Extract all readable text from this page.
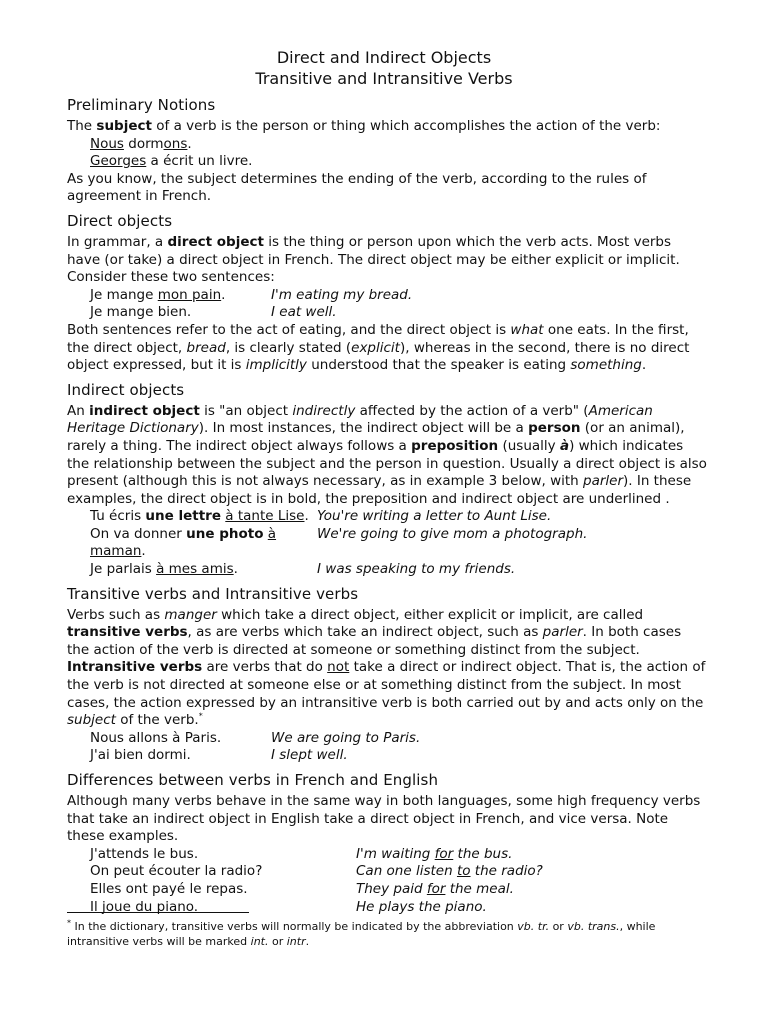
Direct and Indirect Objects
Transitive and Intransitive Verbs
Preliminary Notions

The subject of a verb is the person or thing which accomplishes the action of the verb:

Nous dormons.

Georges a écrit un livre.

As you know, the subject determines the ending of the verb, according to the rules of agreement in French.

Direct objects

In grammar, a direct object is the thing or person upon which the verb acts. Most verbs have (or take) a direct object in French. The direct object may be either explicit or implicit. Consider these two sentences:

Je mange mon pain.	I'm eating my bread.
Je mange bien.	I eat well.

Both sentences refer to the act of eating, and the direct object is what one eats. In the first, the direct object, bread, is clearly stated (explicit), whereas in the second, there is no direct object expressed, but it is implicitly understood that the speaker is eating something.

Indirect objects

An indirect object is "an object indirectly affected by the action of a verb" (American Heritage Dictionary). In most instances, the indirect object will be a person (or an animal), rarely a thing. The indirect object always follows a preposition (usually à) which indicates the relationship between the subject and the person in question. Usually a direct object is also present (although this is not always necessary, as in example 3 below, with parler). In these examples, the direct object is in bold, the preposition and indirect object are underlined .

Tu écris une lettre à tante Lise. You're writing a letter to Aunt Lise.
On va donner une photo à maman.
We're going to give mom a photograph.
Je parlais à mes amis.	I was speaking to my friends.
Transitive verbs and Intransitive verbs

Verbs such as manger which take a direct object, either explicit or implicit, are called transitive verbs, as are verbs which take an indirect object, such as parler. In both cases the action of the verb is directed at someone or something distinct from the subject.

Intransitive verbs are verbs that do not take a direct or indirect object. That is, the action of the verb is not directed at someone else or at something distinct from the subject. In most cases, the action expressed by an intransitive verb is both carried out by and acts only on the subject of the verb.*

Nous allons à Paris.	We are going to Paris.
J'ai bien dormi.	I slept well.
Differences between verbs in French and English

Although many verbs behave in the same way in both languages, some high frequency verbs that take an indirect object in English take a direct object in French, and vice versa. Note these examples.

J'attends le bus.	I'm waiting for the bus.
On peut écouter la radio?	Can one listen to the radio?
Elles ont payé le repas.	They paid for the meal.
Il joue du piano.	He plays the piano.
* In the dictionary, transitive verbs will normally be indicated by the abbreviation vb. tr. or vb. trans., while intransitive verbs will be marked int. or intr.
